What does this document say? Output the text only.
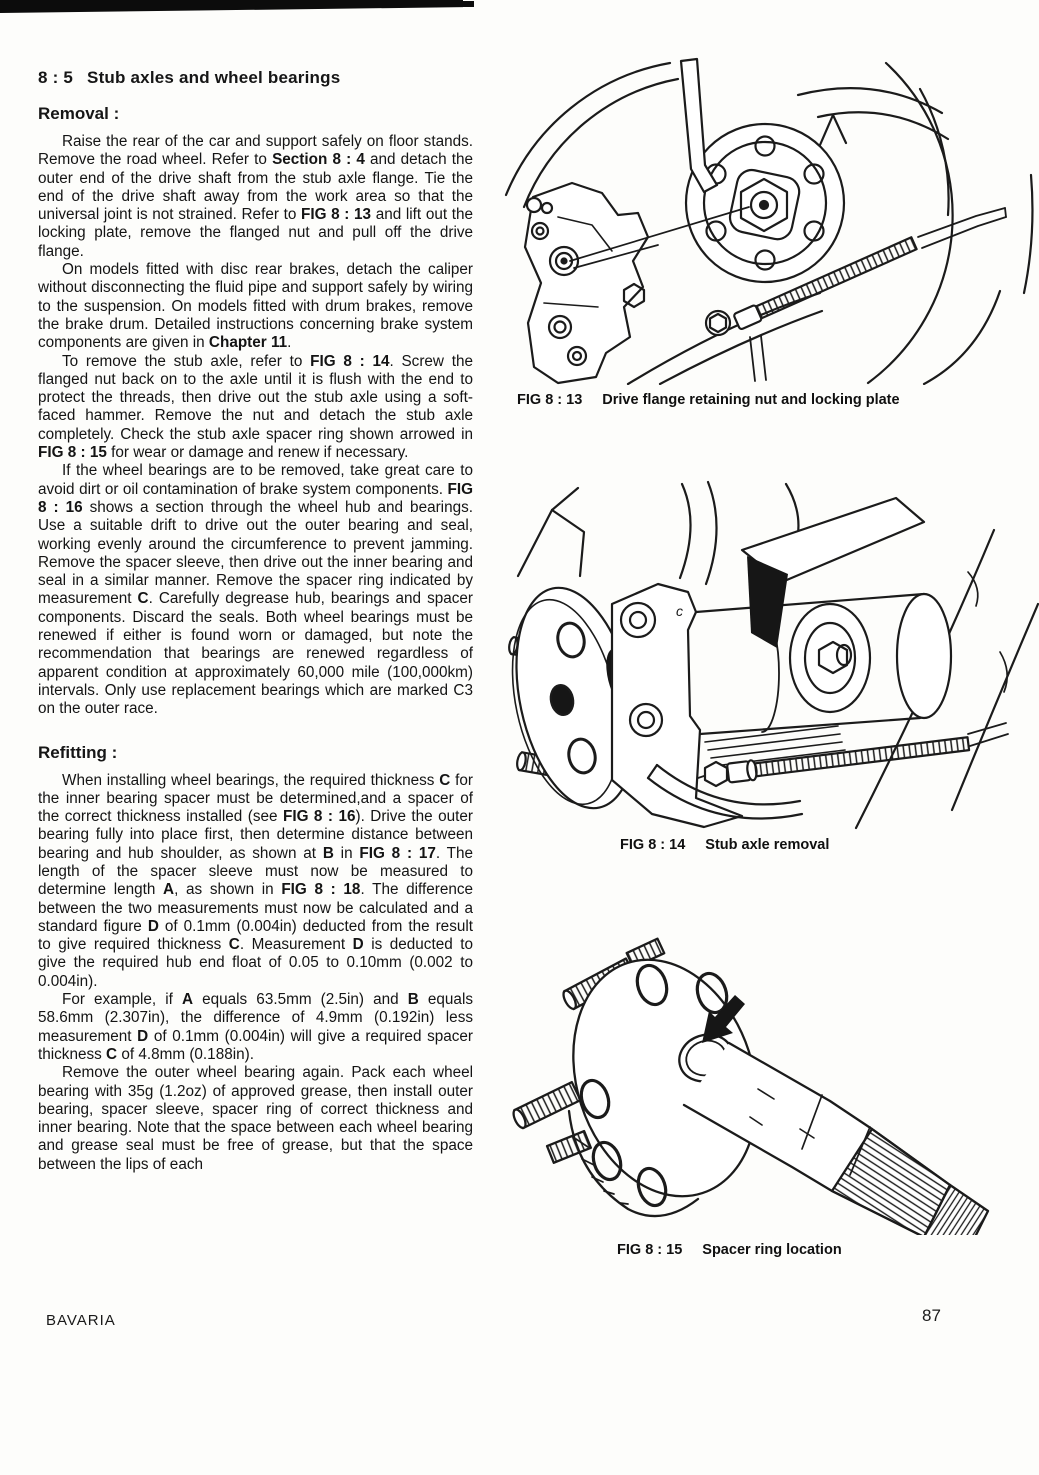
8 : 5 Stub axles and wheel bearings
Removal :

Raise the rear of the car and support safely on floor stands. Remove the road wheel. Refer to Section 8 : 4 and detach the outer end of the drive shaft from the stub axle flange. Tie the end of the drive shaft away from the work area so that the universal joint is not strained. Refer to FIG 8 : 13 and lift out the locking plate, remove the flanged nut and pull off the drive flange.

On models fitted with disc rear brakes, detach the caliper without disconnecting the fluid pipe and support safely by wiring to the suspension. On models fitted with drum brakes, remove the brake drum. Detailed instructions concerning brake system components are given in Chapter 11.

To remove the stub axle, refer to FIG 8 : 14. Screw the flanged nut back on to the axle until it is flush with the end to protect the threads, then drive out the stub axle using a soft-faced hammer. Remove the nut and detach the stub axle completely. Check the stub axle spacer ring shown arrowed in FIG 8 : 15 for wear or damage and renew if necessary.

If the wheel bearings are to be removed, take great care to avoid dirt or oil contamination of brake system components. FIG 8 : 16 shows a section through the wheel hub and bearings. Use a suitable drift to drive out the outer bearing and seal, working evenly around the circumference to prevent jamming. Remove the spacer sleeve, then drive out the inner bearing and seal in a similar manner. Remove the spacer ring indicated by measurement C. Carefully degrease hub, bearings and spacer components. Discard the seals. Both wheel bearings must be renewed if either is found worn or damaged, but note the recommendation that bearings are renewed regardless of apparent condition at approximately 60,000 mile (100,000km) intervals. Only use replacement bearings which are marked C3 on the outer race.

Refitting :

When installing wheel bearings, the required thickness C for the inner bearing spacer must be determined,and a spacer of the correct thickness installed (see FIG 8 : 16). Drive the outer bearing fully into place first, then determine distance between bearing and hub shoulder, as shown at B in FIG 8 : 17. The length of the spacer sleeve must now be measured to determine length A, as shown in FIG 8 : 18. The difference between the two measurements must now be calculated and a standard figure D of 0.1mm (0.004in) deducted from the result to give required thickness C. Measurement D is deducted to give the required hub end float of 0.05 to 0.10mm (0.002 to 0.004in).

For example, if A equals 63.5mm (2.5in) and B equals 58.6mm (2.307in), the difference of 4.9mm (0.192in) less measurement D of 0.1mm (0.004in) will give a required spacer thickness C of 4.8mm (0.188in).

Remove the outer wheel bearing again. Pack each wheel bearing with 35g (1.2oz) of approved grease, then install outer bearing, spacer sleeve, spacer ring of correct thickness and inner bearing. Note that the space between each wheel bearing and grease seal must be free of grease, but that the space between the lips of each

FIG 8 : 13 Drive flange retaining nut and locking plate
c
FIG 8 : 14 Stub axle removal
FIG 8 : 15 Spacer ring location
BAVARIA	87
